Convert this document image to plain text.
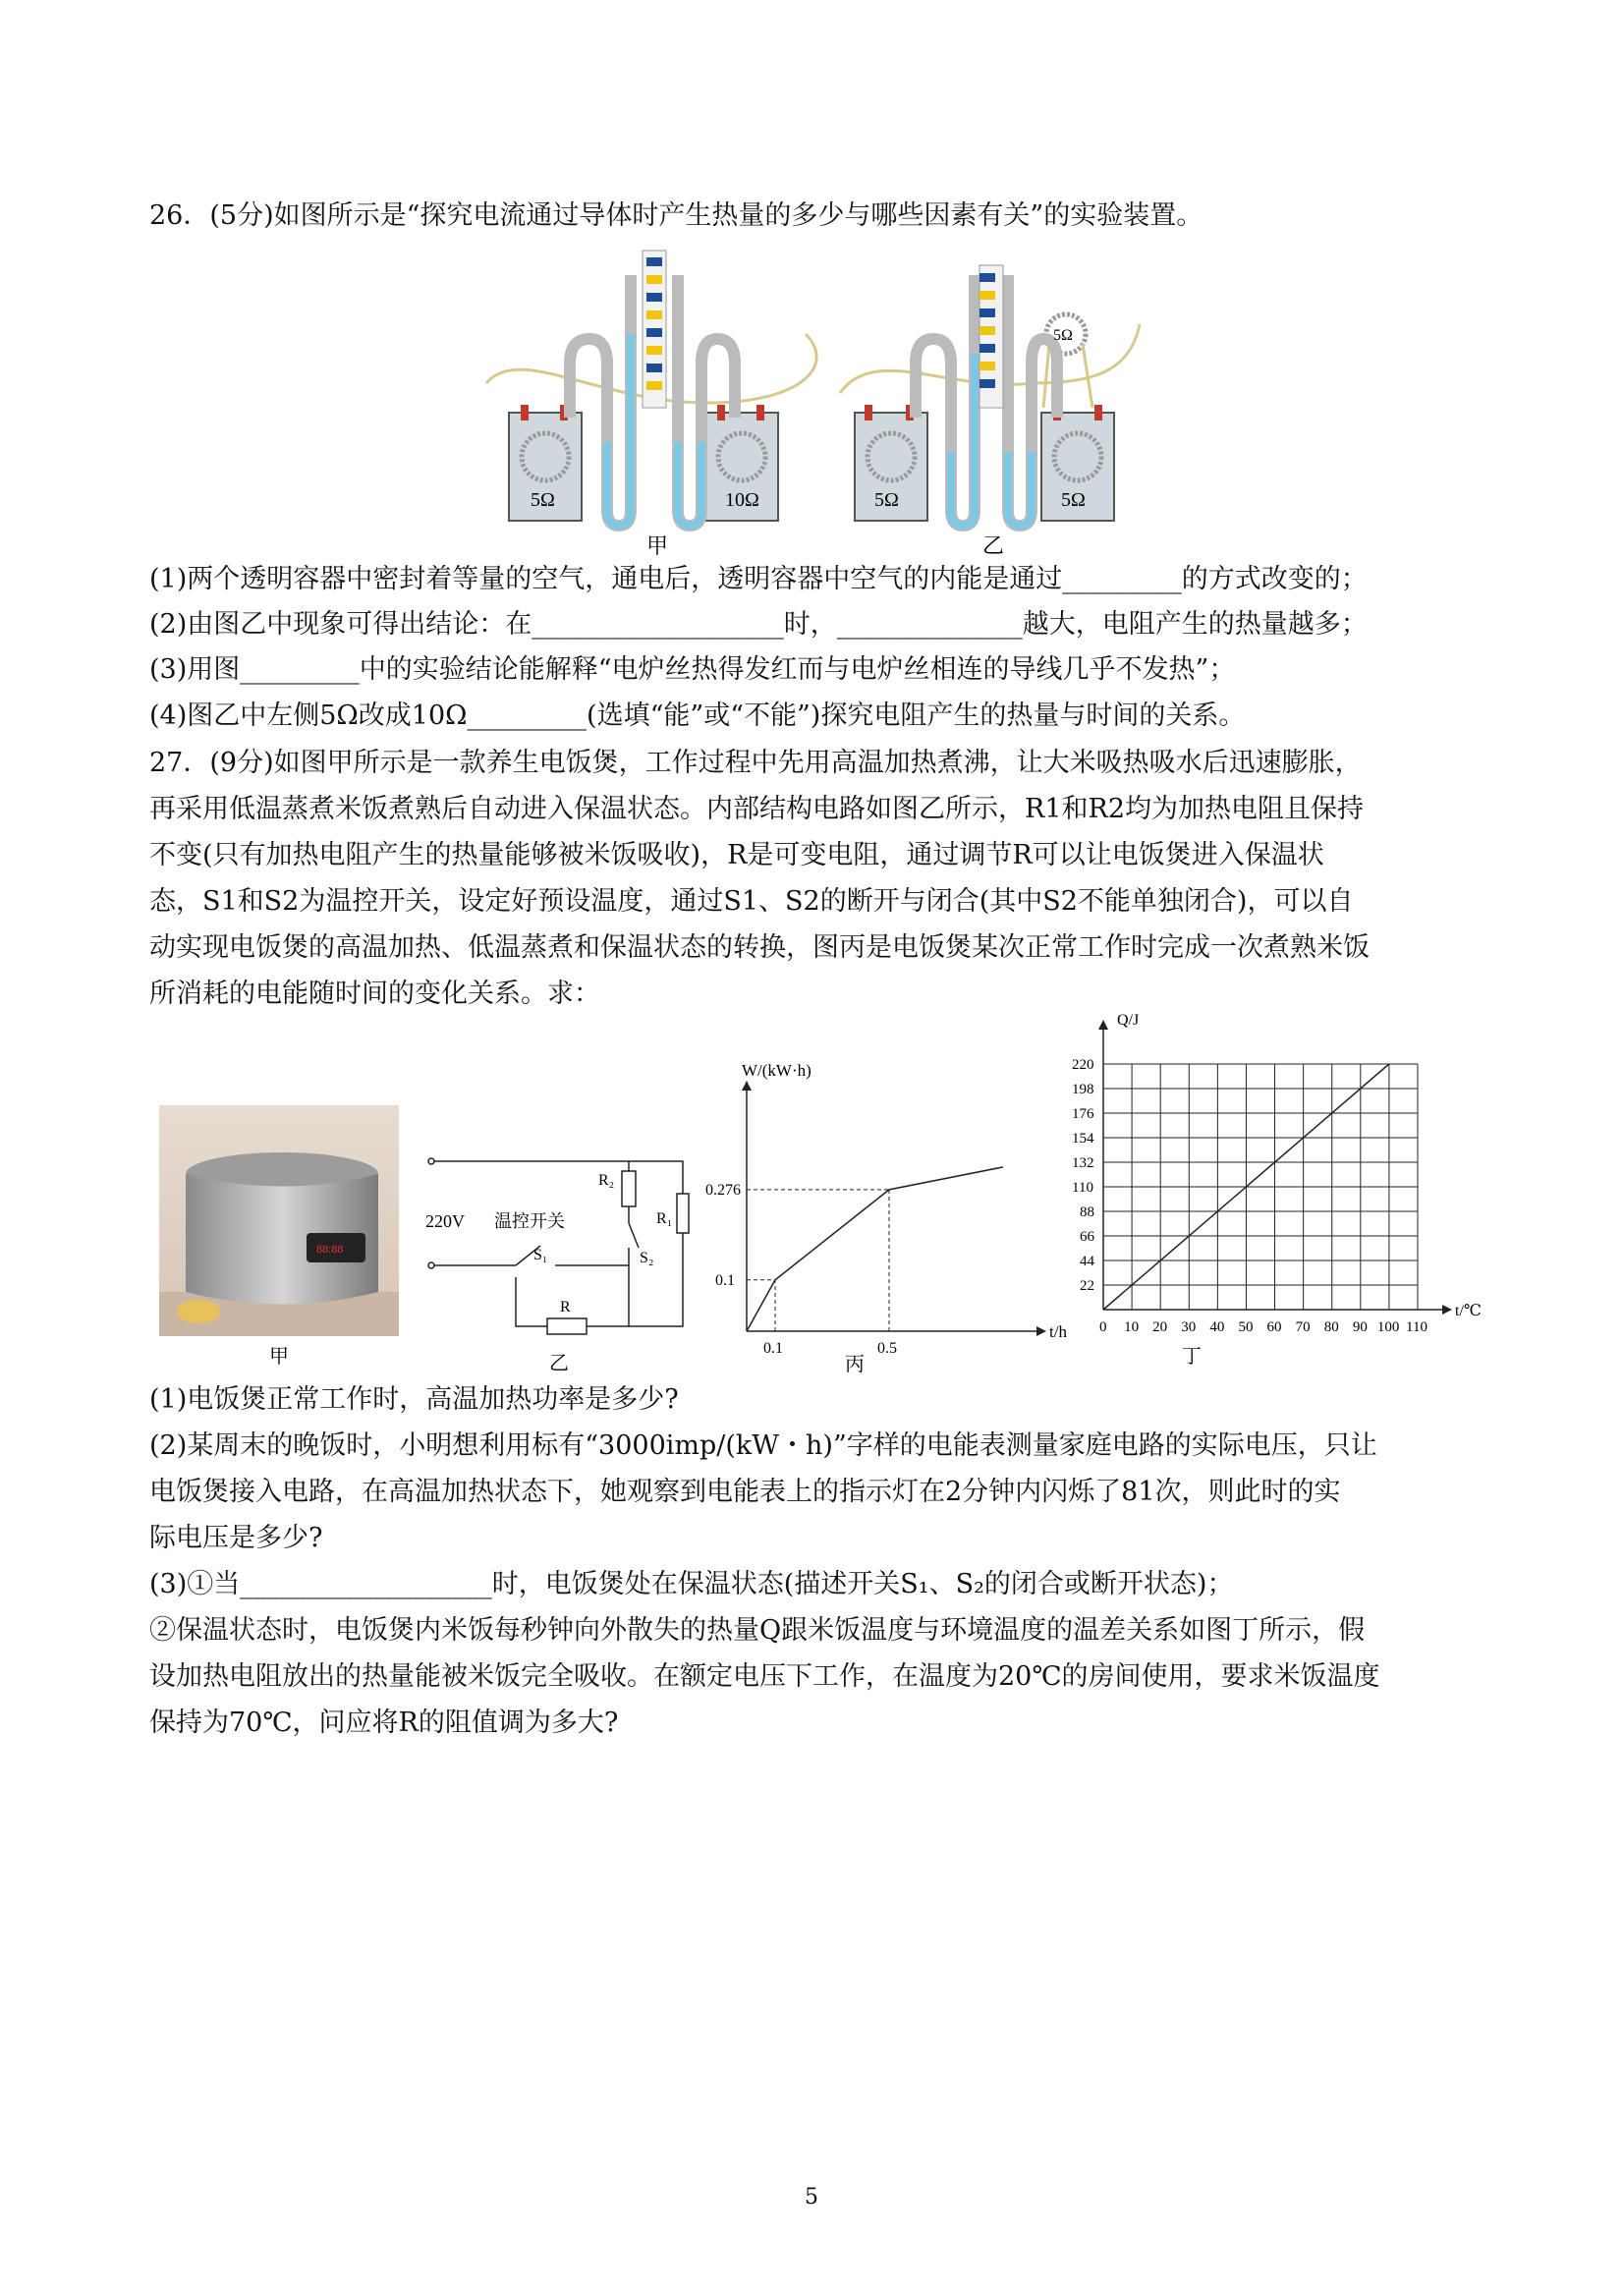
26．(5分)如图所示是“探究电流通过导体时产生热量的多少与哪些因素有关”的实验装置。
5Ω	10Ω
甲
5Ω	5Ω
5Ω
乙
(1)两个透明容器中密封着等量的空气，通电后，透明容器中空气的内能是通过_________的方式改变的；
(2)由图乙中现象可得出结论：在___________________时，______________越大，电阻产生的热量越多；
(3)用图_________中的实验结论能解释“电炉丝热得发红而与电炉丝相连的导线几乎不发热”；
(4)图乙中左侧5Ω改成10Ω_________(选填“能”或“不能”)探究电阻产生的热量与时间的关系。
27．(9分)如图甲所示是一款养生电饭煲，工作过程中先用高温加热煮沸，让大米吸热吸水后迅速膨胀，
再采用低温蒸煮米饭煮熟后自动进入保温状态。内部结构电路如图乙所示，R1和R2均为加热电阻且保持
不变(只有加热电阻产生的热量能够被米饭吸收)，R是可变电阻，通过调节R可以让电饭煲进入保温状
态，S1和S2为温控开关，设定好预设温度，通过S1、S2的断开与闭合(其中S2不能单独闭合)，可以自
动实现电饭煲的高温加热、低温蒸煮和保温状态的转换，图丙是电饭煲某次正常工作时完成一次煮熟米饭
所消耗的电能随时间的变化关系。求：
88:88
甲
220V 温控开关
R₂
R₁
S₁	S₂
R
乙
t/h
W/(kW·h)
0.1	0.5
0.1
0.276
丙
t/℃
Q/J
0 10 20 30 40 50 60 70 80 90 100 110
22
44
66
88
110
132
154
176
198
220
丁
(1)电饭煲正常工作时，高温加热功率是多少?
(2)某周末的晚饭时，小明想利用标有“3000imp/(kW・h)”字样的电能表测量家庭电路的实际电压，只让
电饭煲接入电路，在高温加热状态下，她观察到电能表上的指示灯在2分钟内闪烁了81次，则此时的实
际电压是多少?
(3)①当___________________时，电饭煲处在保温状态(描述开关S₁、S₂的闭合或断开状态)；
②保温状态时，电饭煲内米饭每秒钟向外散失的热量Q跟米饭温度与环境温度的温差关系如图丁所示，假
设加热电阻放出的热量能被米饭完全吸收。在额定电压下工作，在温度为20℃的房间使用，要求米饭温度
保持为70℃，问应将R的阻值调为多大?
5
